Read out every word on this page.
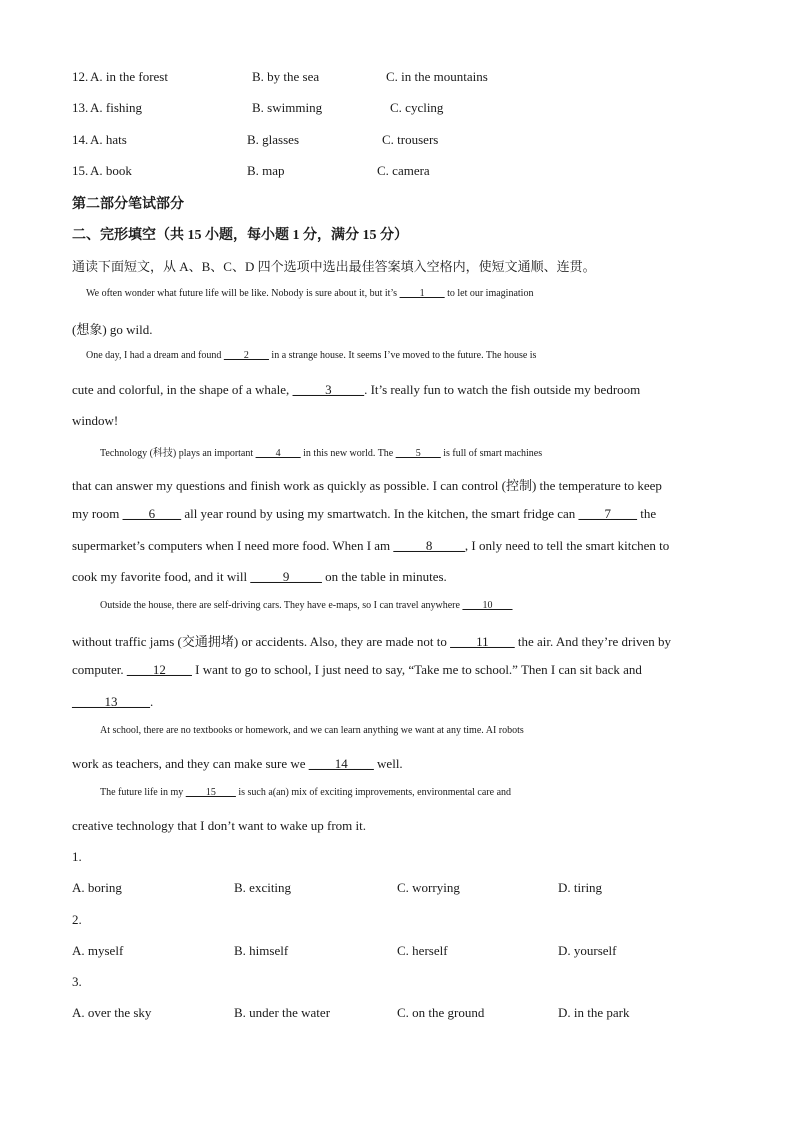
12. A. in the forest	B. by the sea	C. in the mountains
13. A. fishing	B. swimming	C. cycling
14. A. hats	B. glasses	C. trousers
15. A. book	B. map	C. camera
第二部分笔试部分
二、完形填空（共 15 小题，每小题 1 分，满分 15 分）
通读下面短文，从 A、B、C、D 四个选项中选出最佳答案填入空格内，使短文通顺、连贯。
We often wonder what future life will be like. Nobody is sure about it, but it’s ____1____ to let our imagination
(想象) go wild.
One day, I had a dream and found ____2____ in a strange house. It seems I’ve moved to the future. The house is
cute and colorful, in the shape of a whale, _____3_____. It’s really fun to watch the fish outside my bedroom
window!
Technology (科技) plays an important ____4____ in this new world. The ____5____ is full of smart machines
that can answer my questions and finish work as quickly as possible. I can control (控制) the temperature to keep
my room ____6____ all year round by using my smartwatch. In the kitchen, the smart fridge can ____7____ the
supermarket’s computers when I need more food. When I am _____8_____, I only need to tell the smart kitchen to
cook my favorite food, and it will _____9_____ on the table in minutes.
Outside the house, there are self-driving cars. They have e-maps, so I can travel anywhere ____10____
without traffic jams (交通拥堵) or accidents. Also, they are made not to ____11____ the air. And they’re driven by
computer. ____12____ I want to go to school, I just need to say, “Take me to school.” Then I can sit back and
_____13_____.
At school, there are no textbooks or homework, and we can learn anything we want at any time. AI robots
work as teachers, and they can make sure we ____14____ well.
The future life in my ____15____ is such a(an) mix of exciting improvements, environmental care and
creative technology that I don’t want to wake up from it.
1.
A. boring	B. exciting	C. worrying	D. tiring
2.
A. myself	B. himself	C. herself	D. yourself
3.
A. over the sky	B. under the water	C. on the ground	D. in the park
